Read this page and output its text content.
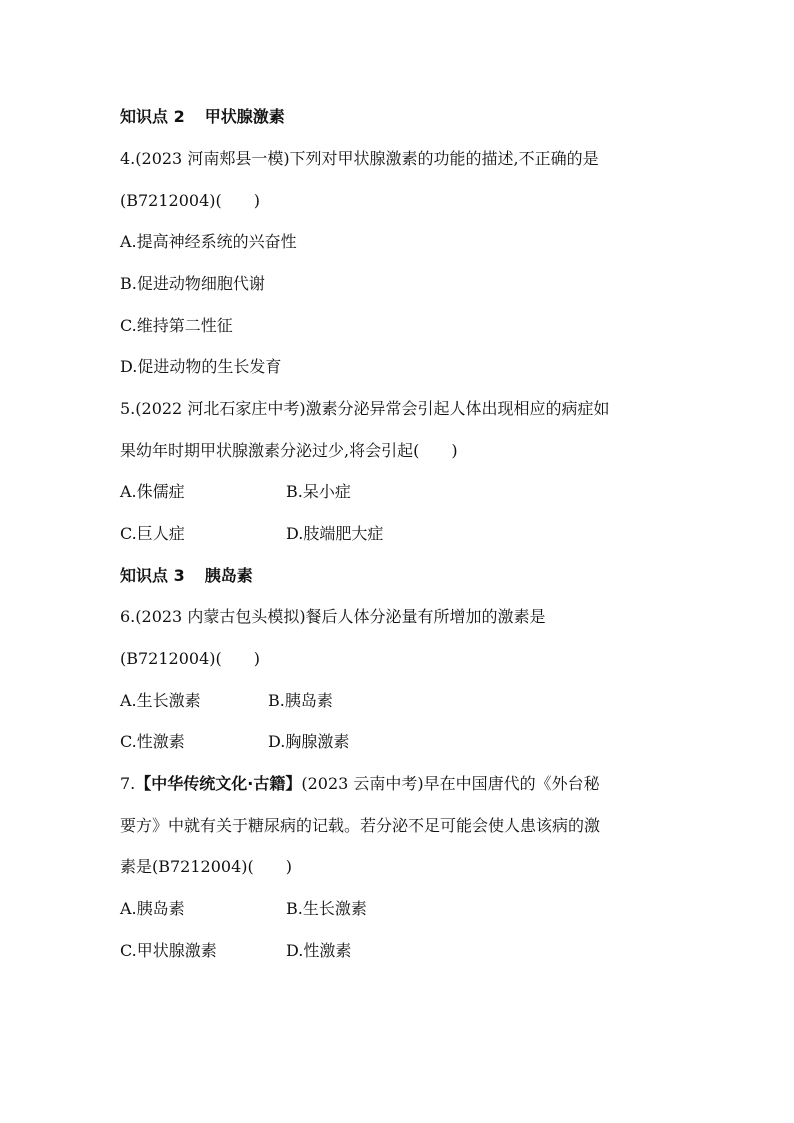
知识点 2 甲状腺激素
4.(2023 河南郏县一模)下列对甲状腺激素的功能的描述,不正确的是
(B7212004)(　　)
A.提高神经系统的兴奋性
B.促进动物细胞代谢
C.维持第二性征
D.促进动物的生长发育
5.(2022 河北石家庄中考)激素分泌异常会引起人体出现相应的病症如
果幼年时期甲状腺激素分泌过少,将会引起(　　)
A.侏儒症	B.呆小症
C.巨人症	D.肢端肥大症
知识点 3 胰岛素
6.(2023 内蒙古包头模拟)餐后人体分泌量有所增加的激素是
(B7212004)(　　)
A.生长激素	B.胰岛素
C.性激素	D.胸腺激素
7.【中华传统文化·古籍】(2023 云南中考)早在中国唐代的《外台秘
要方》中就有关于糖尿病的记载。若分泌不足可能会使人患该病的激
素是(B7212004)(　　)
A.胰岛素	B.生长激素
C.甲状腺激素	D.性激素
